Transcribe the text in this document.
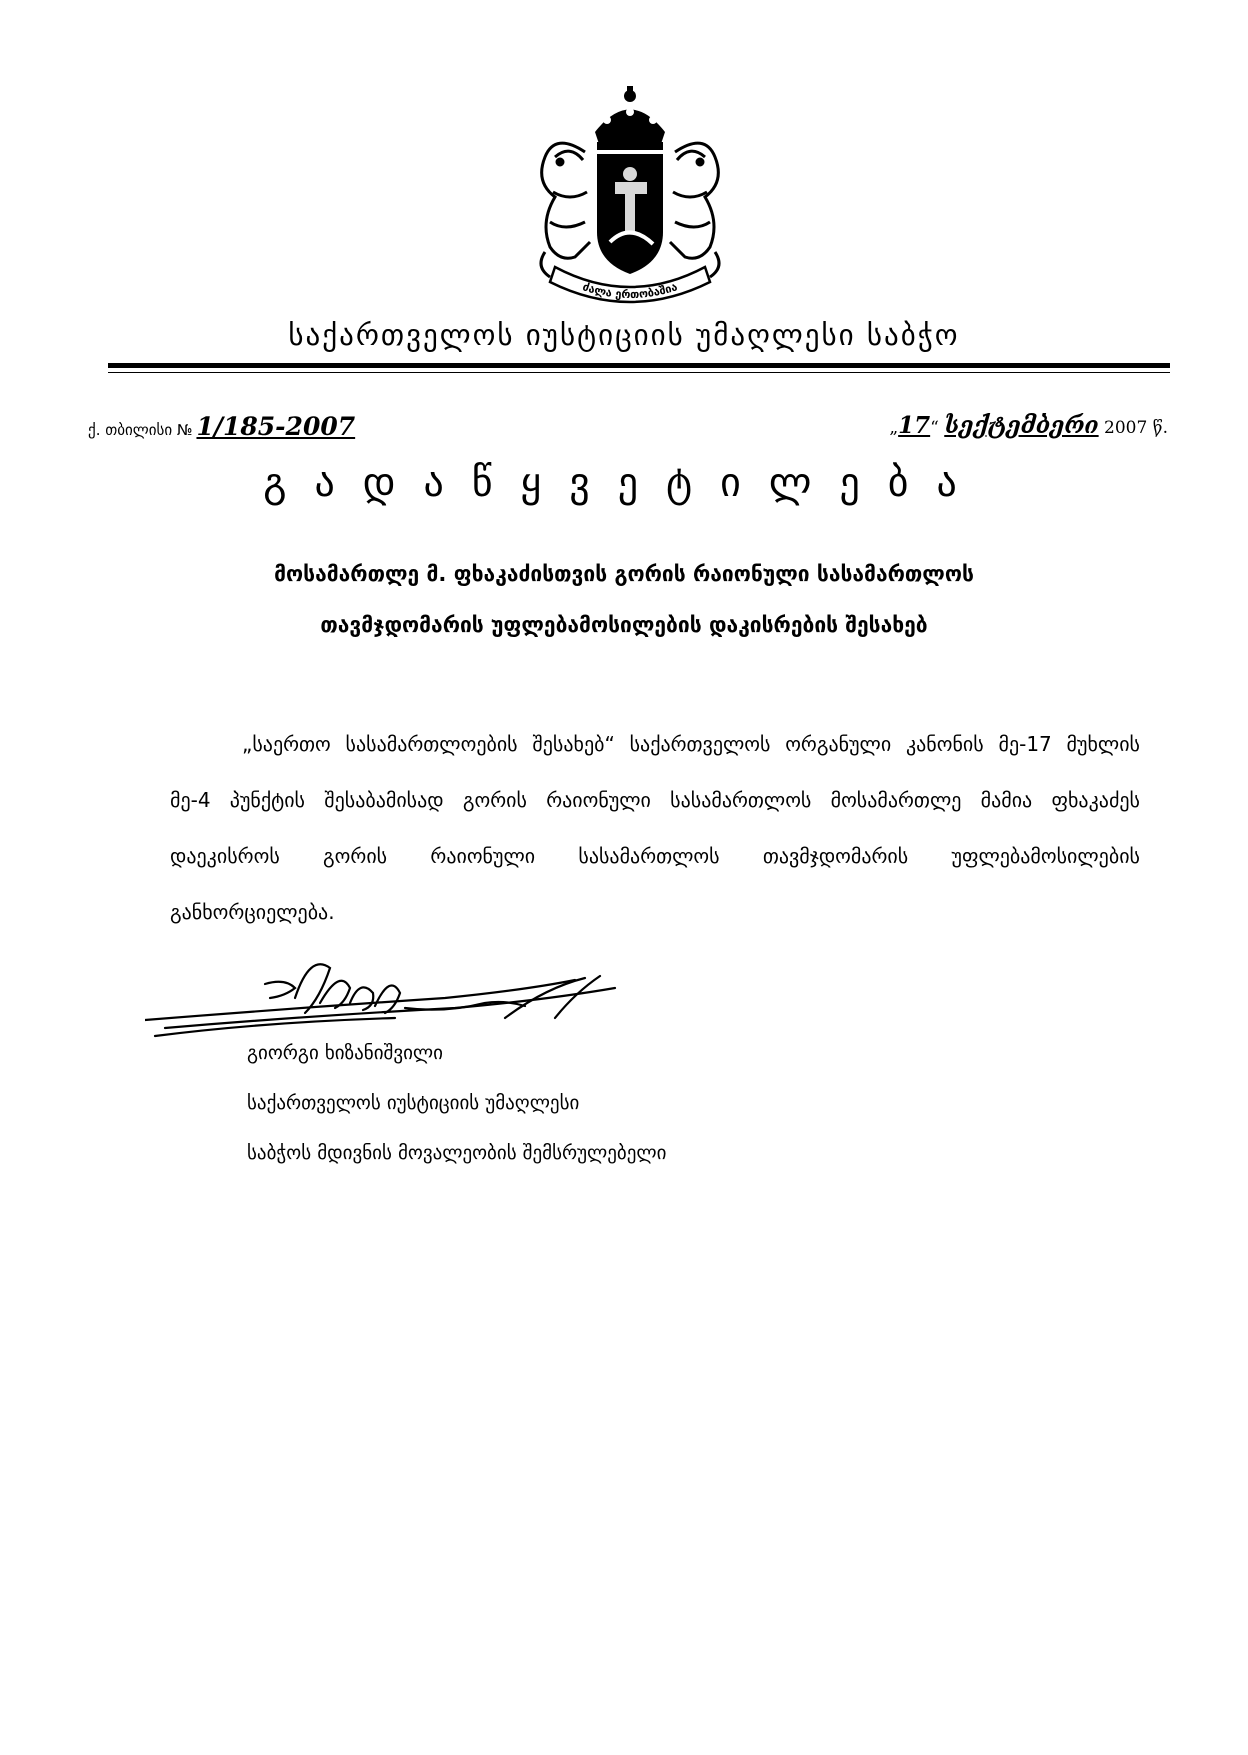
ძალა ერთობაშია
საქართველოს იუსტიციის უმაღლესი საბჭო
ქ. თბილისი № 1/185-2007	„17“ სექტემბერი 2007 წ.
გადაწყვეტილება
მოსამართლე მ. ფხაკაძისთვის გორის რაიონული სასამართლოს
თავმჯდომარის უფლებამოსილების დაკისრების შესახებ
„საერთო სასამართლოების შესახებ“ საქართველოს ორგანული კანონის მე-17 მუხლის მე-4 პუნქტის შესაბამისად გორის რაიონული სასამართლოს მოსამართლე მამია ფხაკაძეს დაეკისროს გორის რაიონული სასამართლოს თავმჯდომარის უფლებამოსილების განხორციელება.
გიორგი ხიზანიშვილი
საქართველოს იუსტიციის უმაღლესი
საბჭოს მდივნის მოვალეობის შემსრულებელი
